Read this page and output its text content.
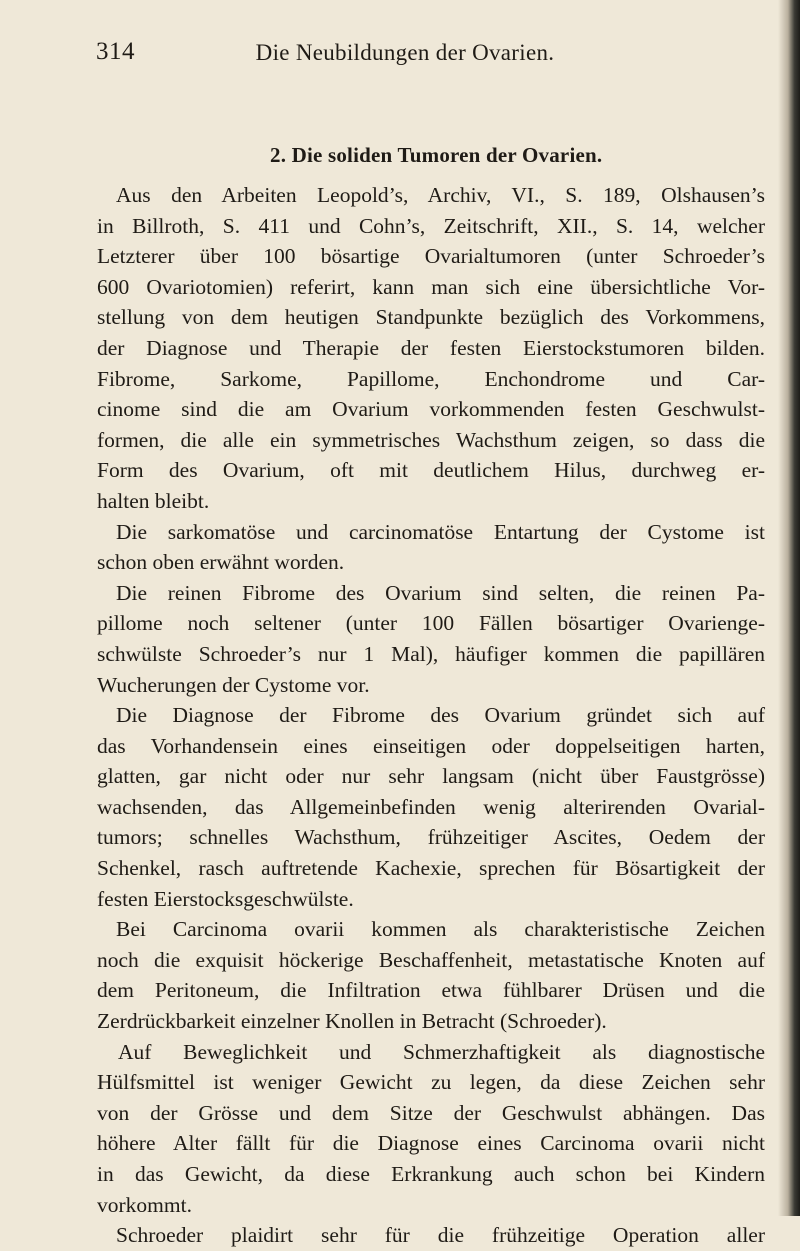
314	Die Neubildungen der Ovarien.
2. Die soliden Tumoren der Ovarien.
Aus den Arbeiten Leopold’s, Archiv, VI., S. 189, Olshausen’s
in Billroth, S. 411 und Cohn’s, Zeitschrift, XII., S. 14, welcher
Letzterer über 100 bösartige Ovarialtumoren (unter Schroeder’s
600 Ovariotomien) referirt, kann man sich eine übersichtliche Vor-
stellung von dem heutigen Standpunkte bezüglich des Vorkommens,
der Diagnose und Therapie der festen Eierstockstumoren bilden.
Fibrome, Sarkome, Papillome, Enchondrome und Car-
cinome sind die am Ovarium vorkommenden festen Geschwulst-
formen, die alle ein symmetrisches Wachsthum zeigen, so dass die
Form des Ovarium, oft mit deutlichem Hilus, durchweg er-
halten bleibt.
Die sarkomatöse und carcinomatöse Entartung der Cystome ist
schon oben erwähnt worden.
Die reinen Fibrome des Ovarium sind selten, die reinen Pa-
pillome noch seltener (unter 100 Fällen bösartiger Ovarienge-
schwülste Schroeder’s nur 1 Mal), häufiger kommen die papillären
Wucherungen der Cystome vor.
Die Diagnose der Fibrome des Ovarium gründet sich auf
das Vorhandensein eines einseitigen oder doppelseitigen harten,
glatten, gar nicht oder nur sehr langsam (nicht über Faustgrösse)
wachsenden, das Allgemeinbefinden wenig alterirenden Ovarial-
tumors; schnelles Wachsthum, frühzeitiger Ascites, Oedem der
Schenkel, rasch auftretende Kachexie, sprechen für Bösartigkeit der
festen Eierstocksgeschwülste.
Bei Carcinoma ovarii kommen als charakteristische Zeichen
noch die exquisit höckerige Beschaffenheit, metastatische Knoten auf
dem Peritoneum, die Infiltration etwa fühlbarer Drüsen und die
Zerdrückbarkeit einzelner Knollen in Betracht (Schroeder).
Auf Beweglichkeit und Schmerzhaftigkeit als diagnostische
Hülfsmittel ist weniger Gewicht zu legen, da diese Zeichen sehr
von der Grösse und dem Sitze der Geschwulst abhängen. Das
höhere Alter fällt für die Diagnose eines Carcinoma ovarii nicht
in das Gewicht, da diese Erkrankung auch schon bei Kindern
vorkommt.
Schroeder plaidirt sehr für die frühzeitige Operation aller
